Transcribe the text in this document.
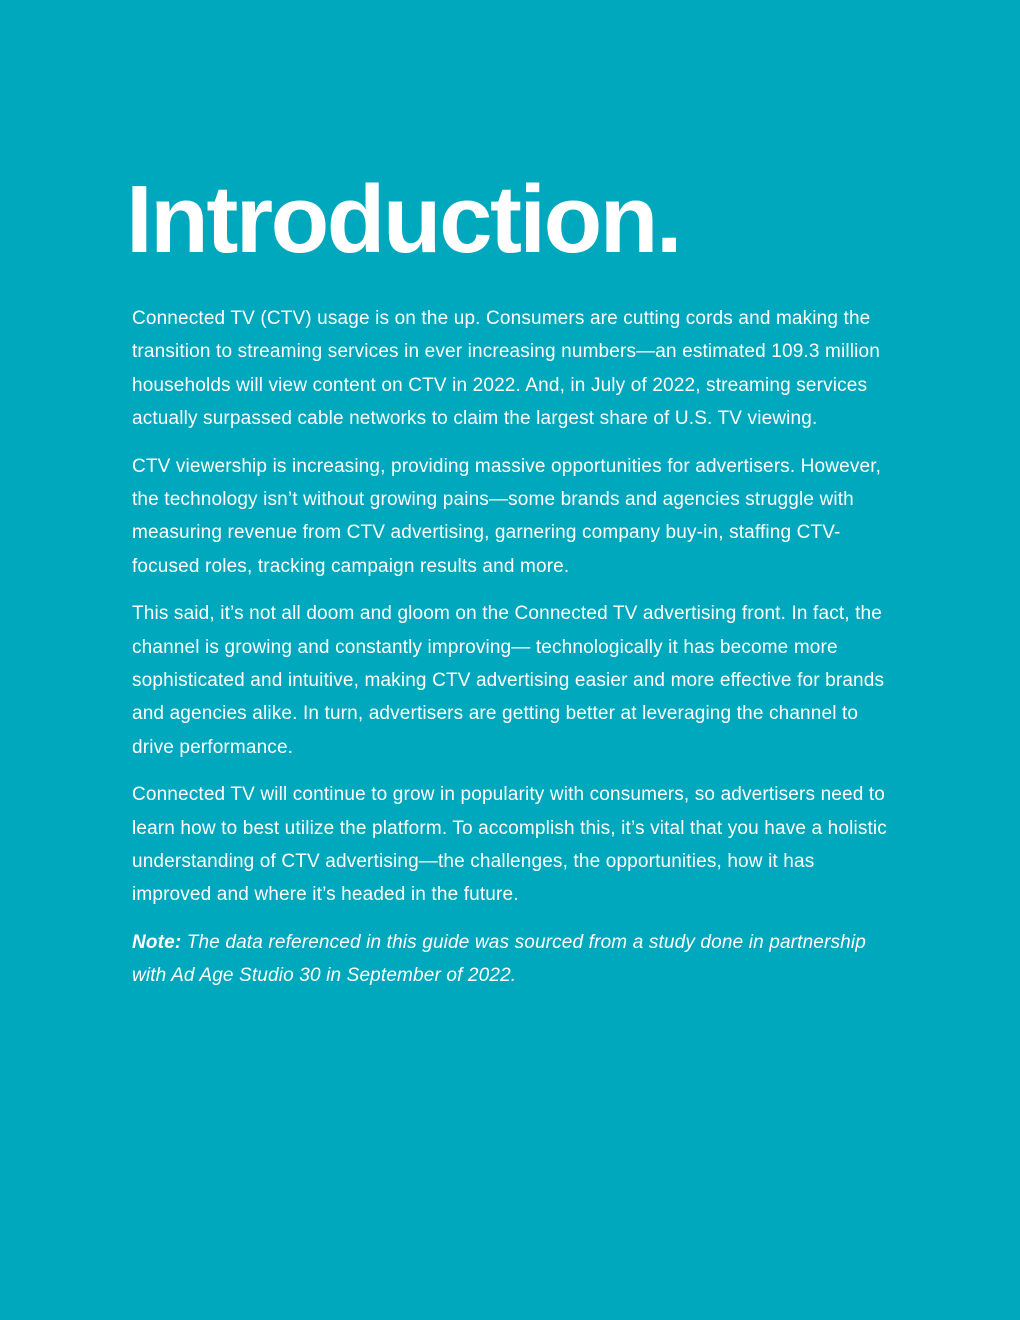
Introduction.

Connected TV (CTV) usage is on the up. Consumers are cutting cords and making the transition to streaming services in ever increasing numbers—an estimated 109.3 million households will view content on CTV in 2022. And, in July of 2022, streaming services actually surpassed cable networks to claim the largest share of U.S. TV viewing.

CTV viewership is increasing, providing massive opportunities for advertisers. However, the technology isn’t without growing pains—some brands and agencies struggle with measuring revenue from CTV advertising, garnering company buy-in, staffing CTV-focused roles, tracking campaign results and more.

This said, it’s not all doom and gloom on the Connected TV advertising front. In fact, the channel is growing and constantly improving— technologically it has become more sophisticated and intuitive, making CTV advertising easier and more effective for brands and agencies alike. In turn, advertisers are getting better at leveraging the channel to drive performance.

Connected TV will continue to grow in popularity with consumers, so advertisers need to learn how to best utilize the platform. To accomplish this, it’s vital that you have a holistic understanding of CTV advertising—the challenges, the opportunities, how it has improved and where it’s headed in the future.

Note: The data referenced in this guide was sourced from a study done in partnership with Ad Age Studio 30 in September of 2022.
